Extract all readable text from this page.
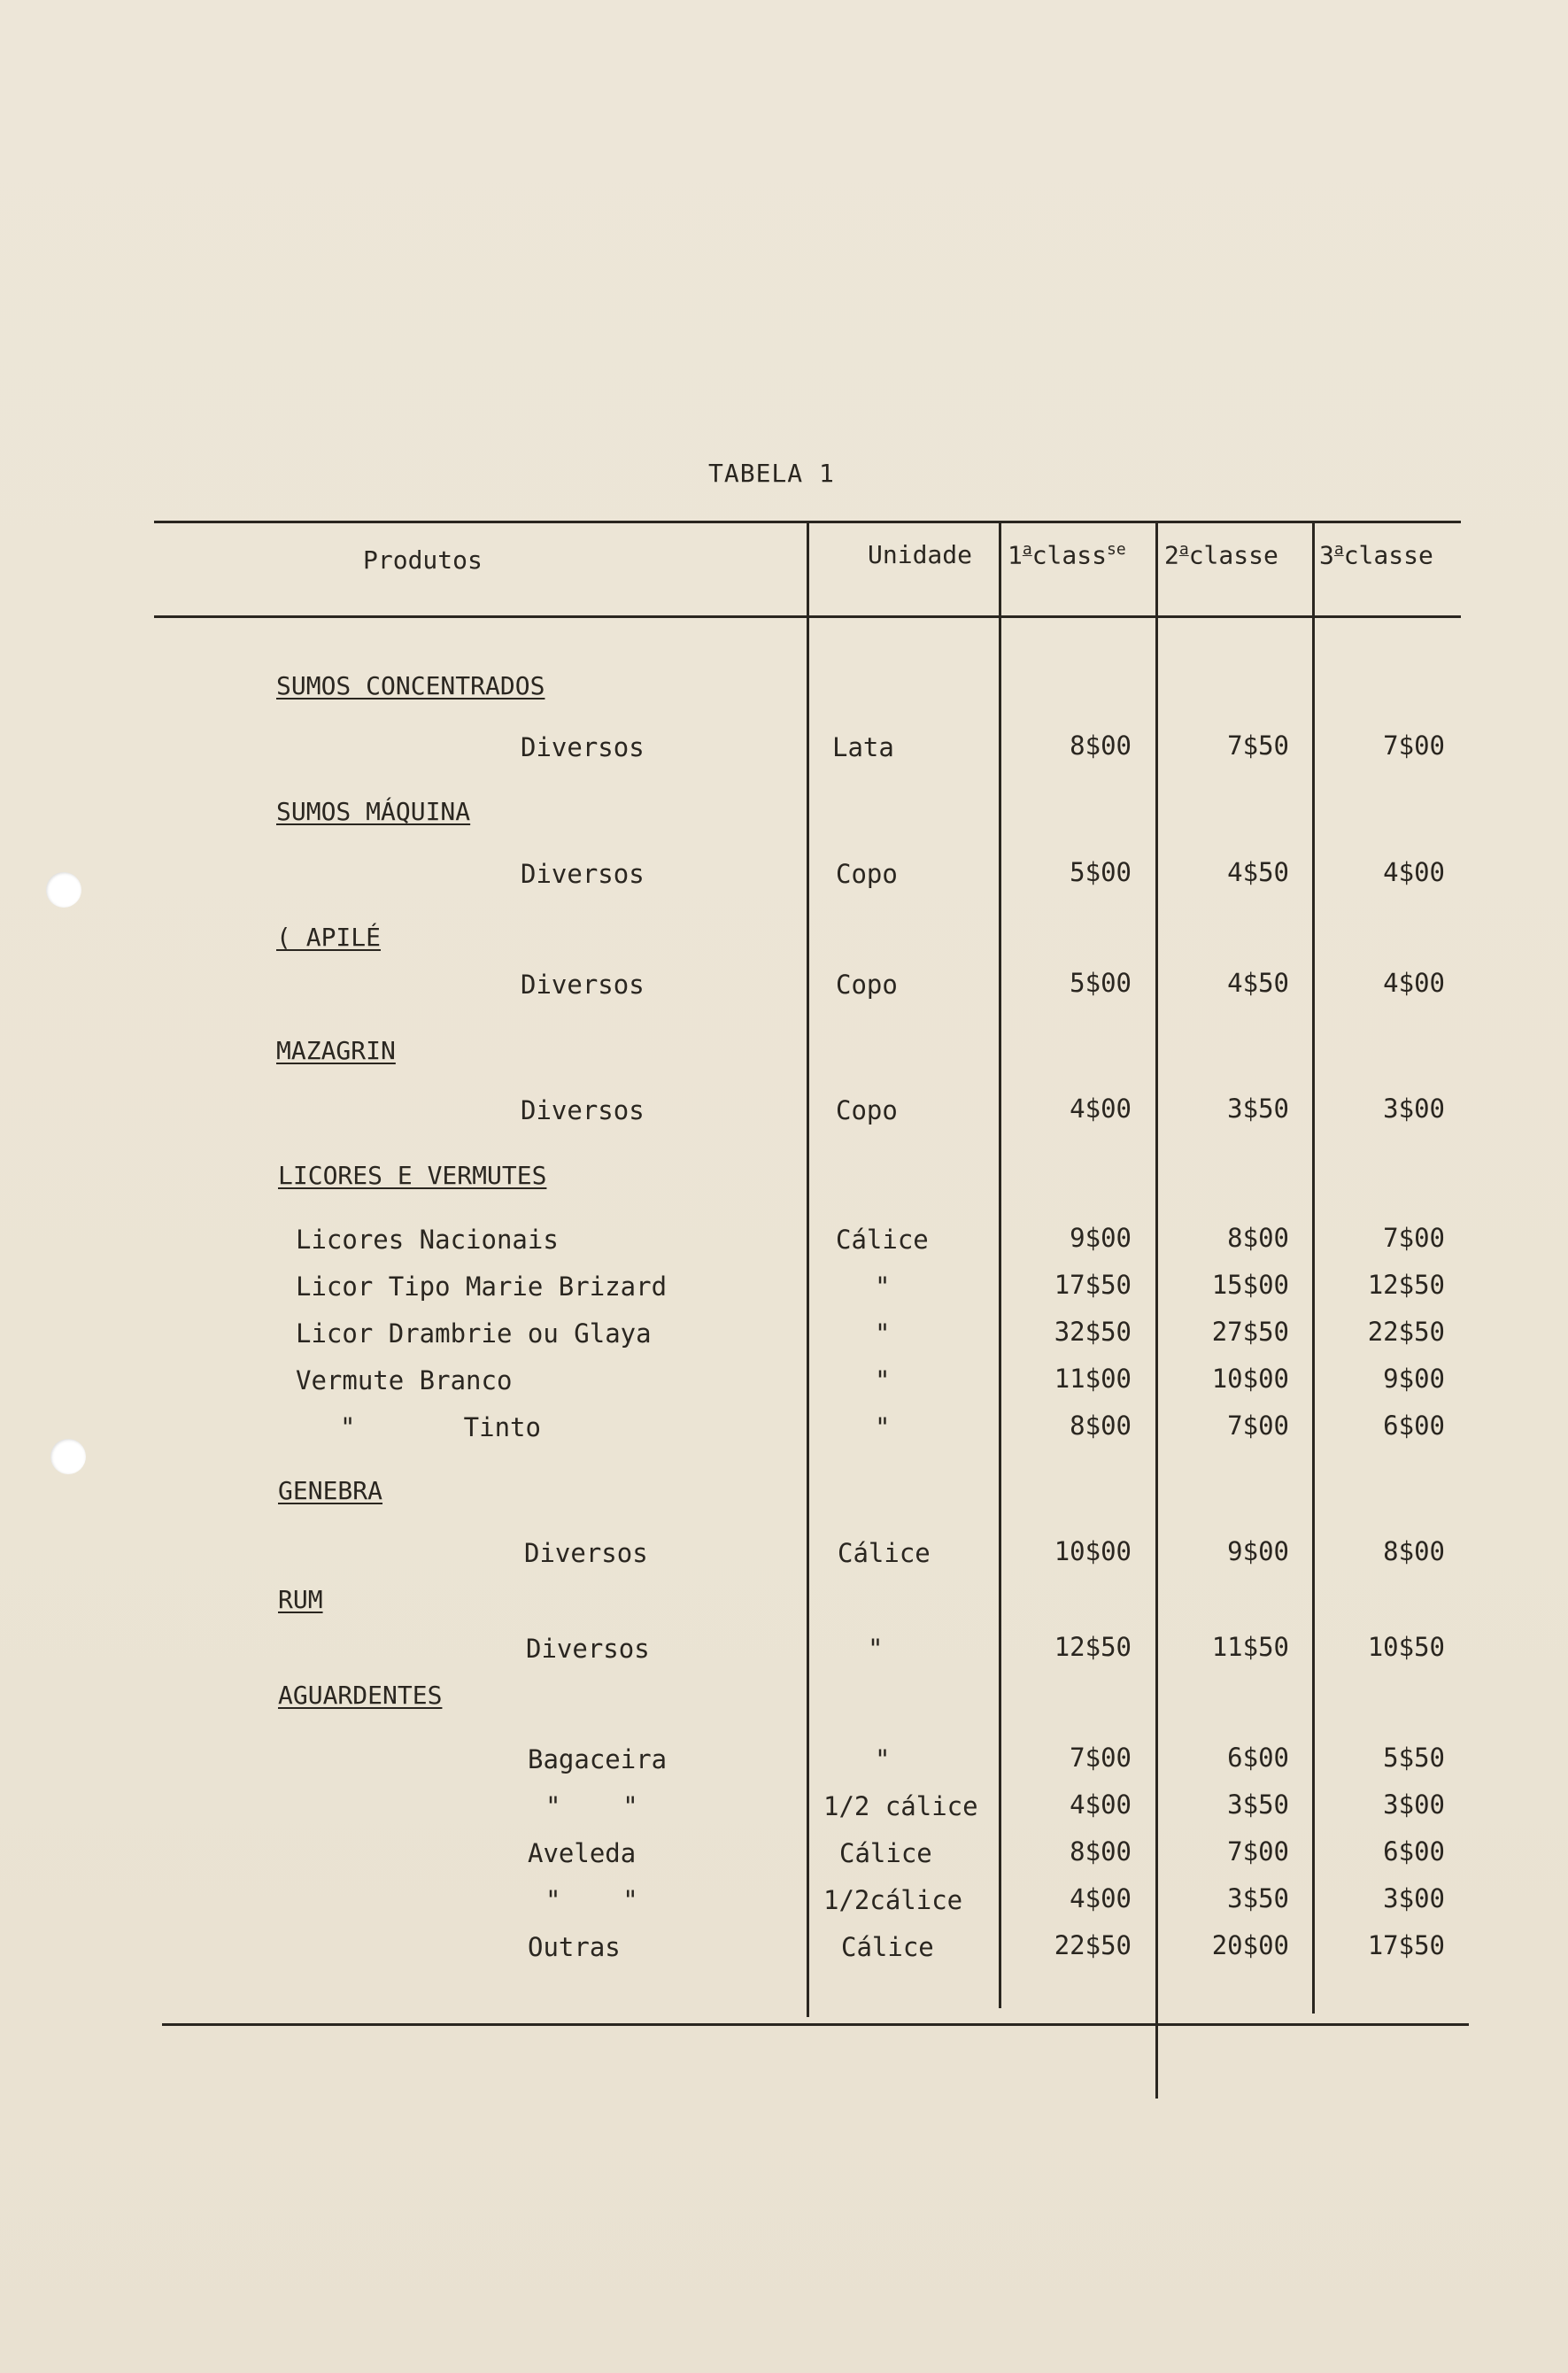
TABELA 1
Produtos	Unidade 1$^a$class$^{se}$ 2$^a$classe 3$^a$classe
SUMOS CONCENTRADOS
Diversos	Lata	8$00	7$50	7$00
SUMOS MÁQUINA
Diversos	Copo	5$00	4$50	4$00
( APILÉ
Diversos	Copo	5$00	4$50	4$00
MAZAGRIN
Diversos	Copo	4$00	3$50	3$00
LICORES E VERMUTES
Licores Nacionais	Cálice	9$00	8$00	7$00
Licor Tipo Marie Brizard	"	17$50	15$00	12$50
Licor Drambrie ou Glaya	"	32$50	27$50	22$50
Vermute Branco	"	11$00	10$00	9$00
"       Tinto	"	8$00	7$00	6$00
GENEBRA
Diversos	Cálice	10$00	9$00	8$00
RUM
Diversos	"	12$50	11$50	10$50
AGUARDENTES
Bagaceira	"	7$00	6$00	5$50
"    "	1/2 cálice	4$00	3$50	3$00
Aveleda	Cálice	8$00	7$00	6$00
"    "	1/2cálice	4$00	3$50	3$00
Outras	Cálice	22$50	20$00	17$50
